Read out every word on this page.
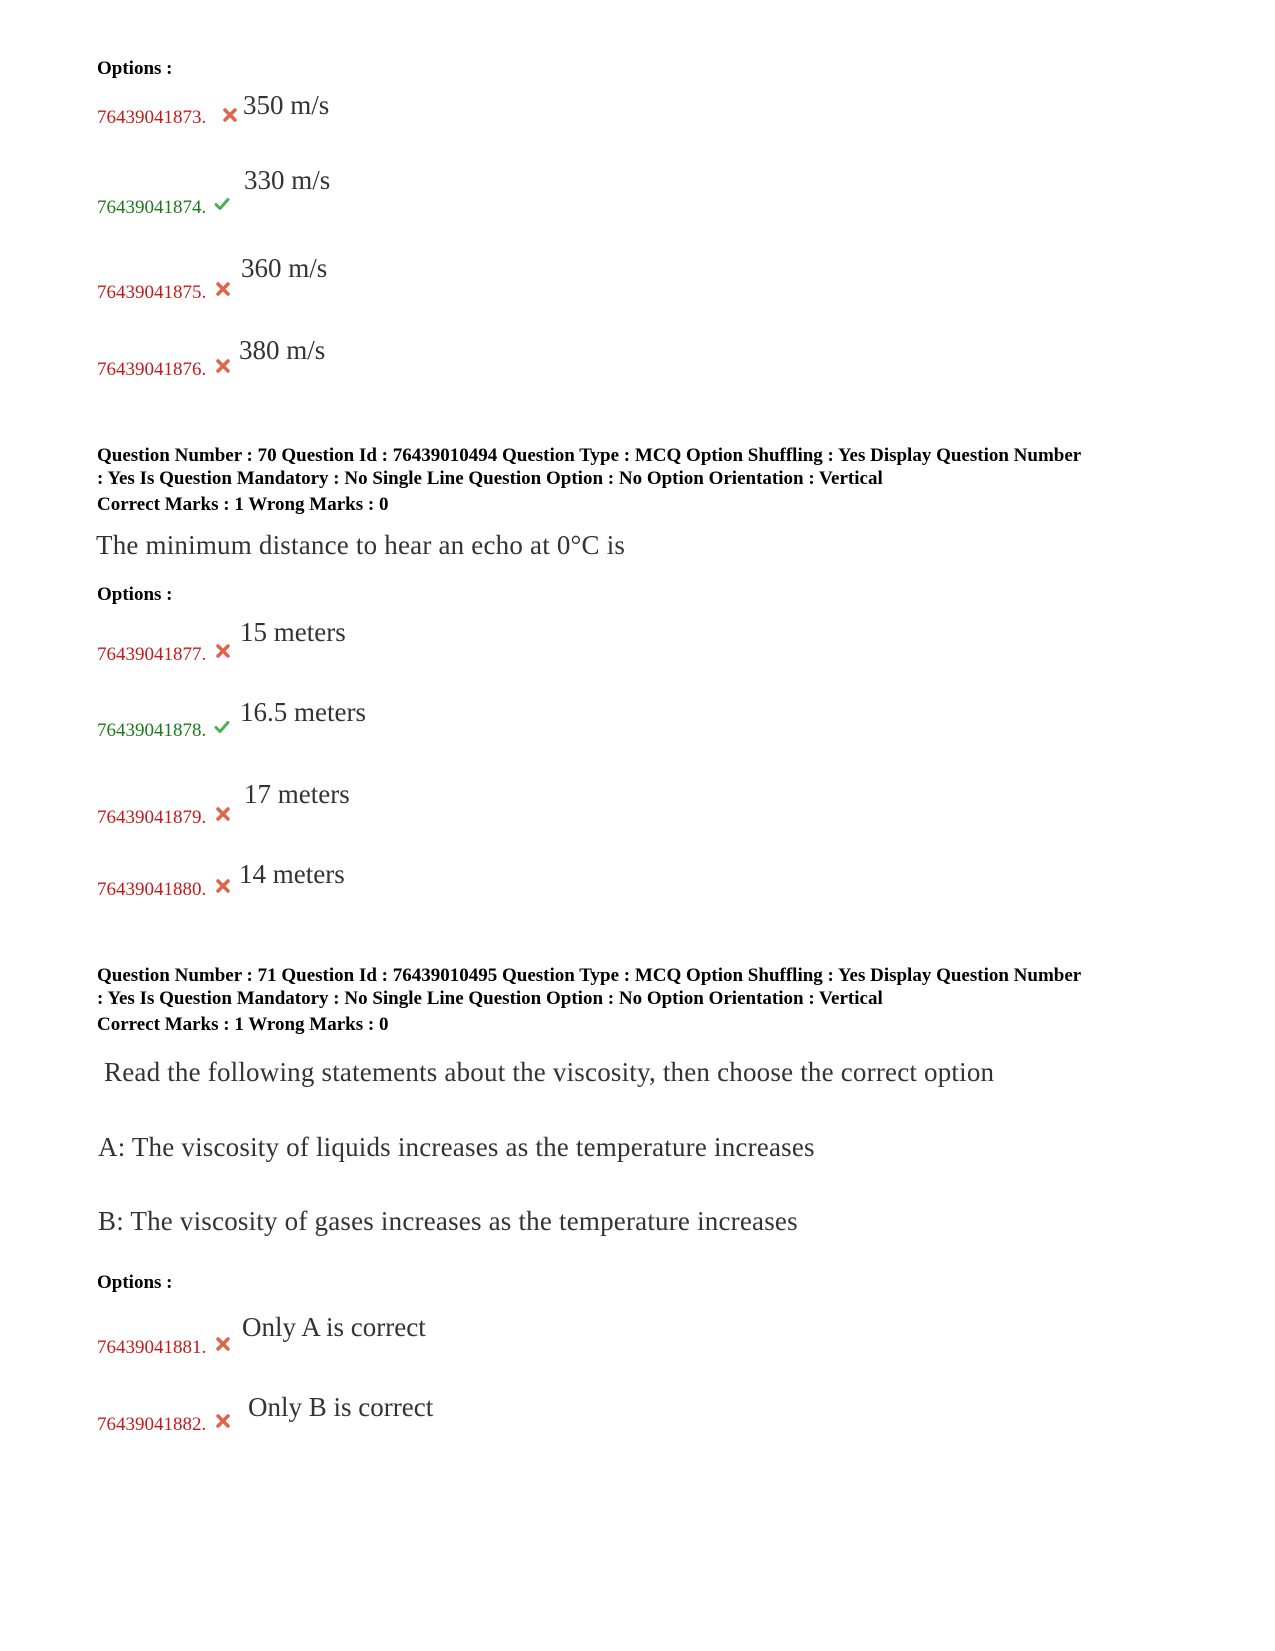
Options :
76439041873. 350 m/s
76439041874.
330 m/s
76439041875.
360 m/s
76439041876.
380 m/s
Question Number : 70 Question Id : 76439010494 Question Type : MCQ Option Shuffling : Yes Display Question Number
: Yes Is Question Mandatory : No Single Line Question Option : No Option Orientation : Vertical
Correct Marks : 1 Wrong Marks : 0
The minimum distance to hear an echo at 0°C is
Options :
76439041877.
15 meters
76439041878.
16.5 meters
76439041879.
17 meters
76439041880.
14 meters
Question Number : 71 Question Id : 76439010495 Question Type : MCQ Option Shuffling : Yes Display Question Number
: Yes Is Question Mandatory : No Single Line Question Option : No Option Orientation : Vertical
Correct Marks : 1 Wrong Marks : 0
Read the following statements about the viscosity, then choose the correct option
A: The viscosity of liquids increases as the temperature increases
B: The viscosity of gases increases as the temperature increases
Options :
76439041881.
Only A is correct
76439041882.
Only B is correct
